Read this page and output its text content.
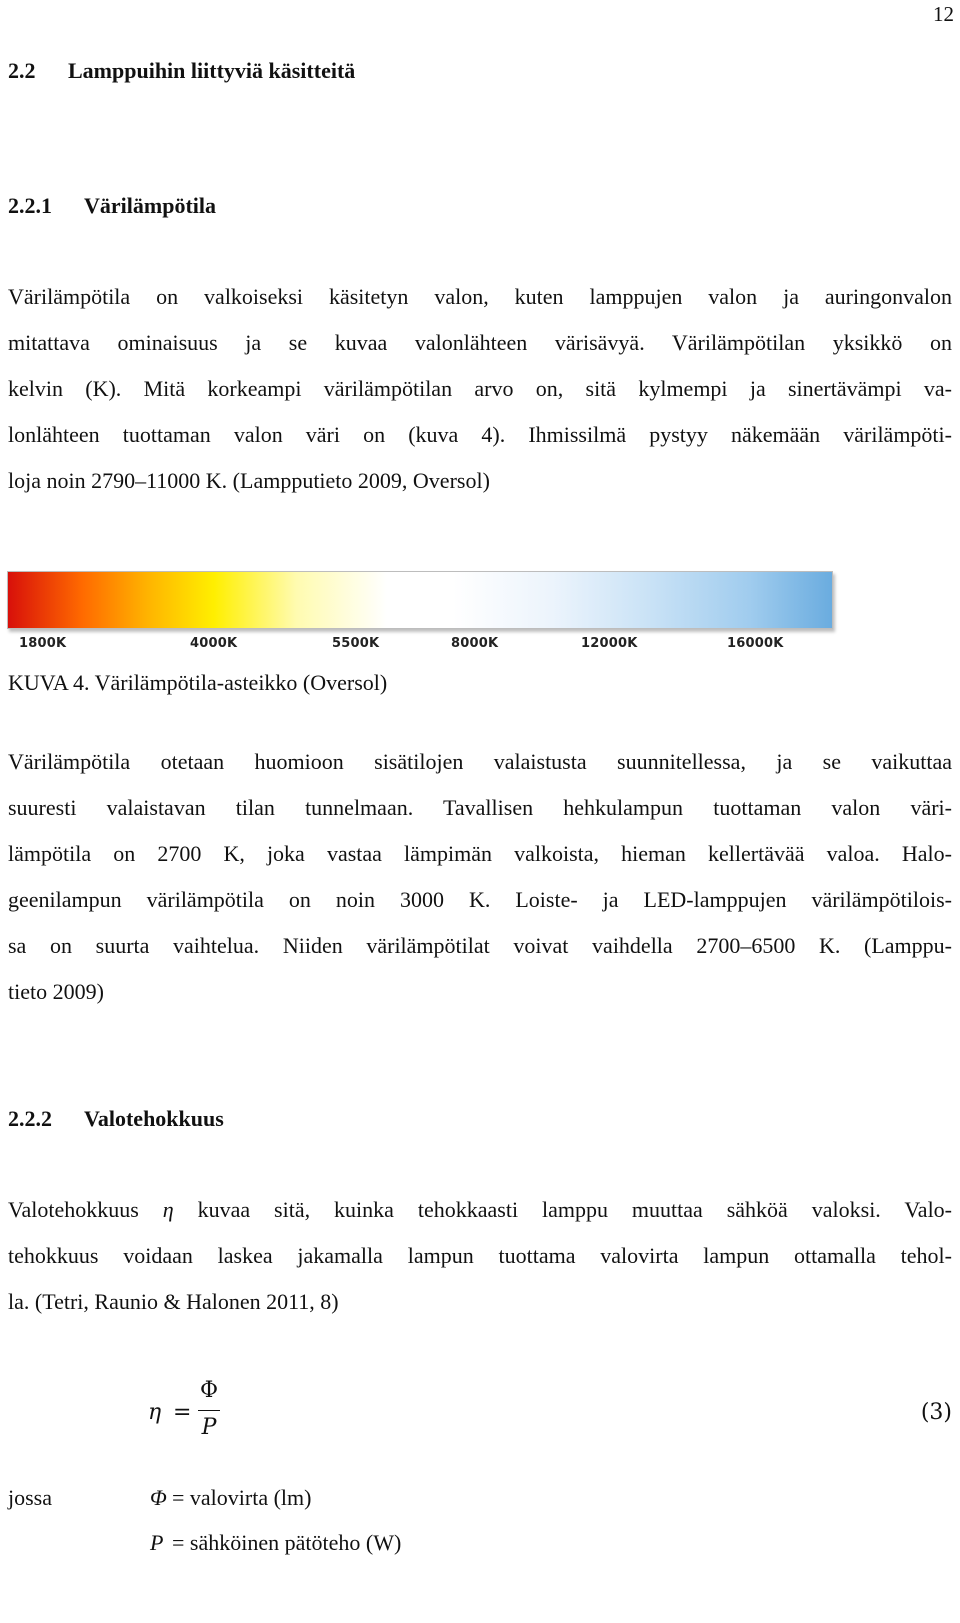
12
2.2 Lamppuihin liittyviä käsitteitä
2.2.1 Värilämpötila
Värilämpötila on valkoiseksi käsitetyn valon, kuten lamppujen valon ja auringonvalon
mitattava ominaisuus ja se kuvaa valonlähteen värisävyä. Värilämpötilan yksikkö on
kelvin (K). Mitä korkeampi värilämpötilan arvo on, sitä kylmempi ja sinertävämpi va-
lonlähteen tuottaman valon väri on (kuva 4). Ihmissilmä pystyy näkemään värilämpöti-
loja noin 2790–11000 K. (Lampputieto 2009, Oversol)
1800K	4000K	5500K	8000K	12000K	16000K
KUVA 4. Värilämpötila-asteikko (Oversol)
Värilämpötila otetaan huomioon sisätilojen valaistusta suunnitellessa, ja se vaikuttaa
suuresti valaistavan tilan tunnelmaan. Tavallisen hehkulampun tuottaman valon väri-
lämpötila on 2700 K, joka vastaa lämpimän valkoista, hieman kellertävää valoa. Halo-
geenilampun värilämpötila on noin 3000 K. Loiste- ja LED-lamppujen värilämpötilois-
sa on suurta vaihtelua. Niiden värilämpötilat voivat vaihdella 2700–6500 K. (Lamppu-
tieto 2009)
2.2.2 Valotehokkuus
Valotehokkuus η kuvaa sitä, kuinka tehokkaasti lamppu muuttaa sähköä valoksi. Valo-
tehokkuus voidaan laskea jakamalla lampun tuottama valovirta lampun ottamalla tehol-
la. (Tetri, Raunio & Halonen 2011, 8)
η =
Φ
P
(3)
jossa	Φ = valovirta (lm)
P = sähköinen pätöteho (W)
